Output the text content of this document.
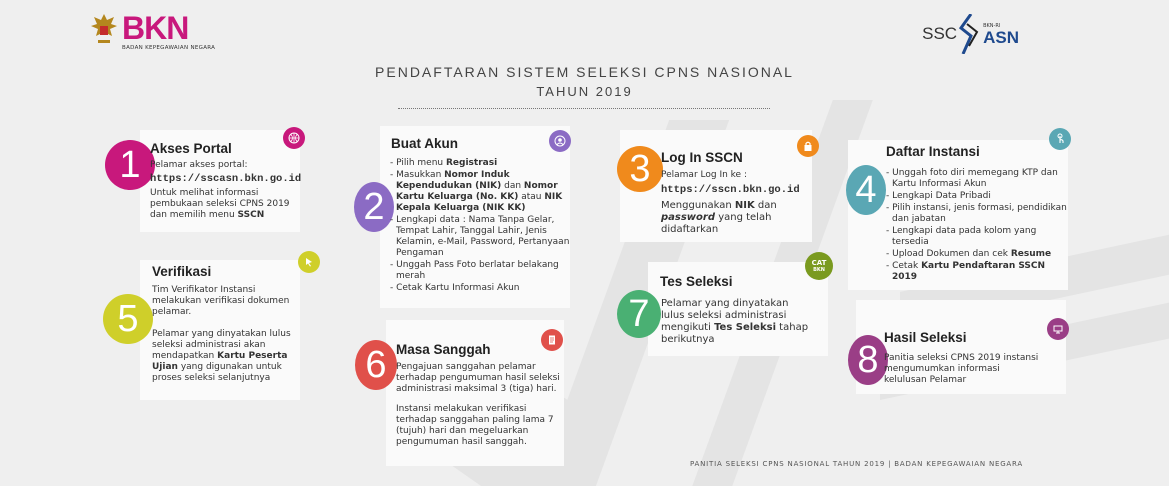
BKN
BADAN KEPEGAWAIAN NEGARA
SSC	BKN-RI
ASN
PENDAFTARAN SISTEM SELEKSI CPNS NASIONAL
TAHUN 2019
1 Akses Portal
Pelamar akses portal:
https://sscasn.bkn.go.id
Untuk melihat informasi pembukaan seleksi CPNS 2019 dan memilih menu SSCN	2
Buat Akun
- Pilih menu Registrasi
- Masukkan Nomor Induk Kependudukan (NIK) dan Nomor Kartu Keluarga (No. KK) atau NIK Kepala Keluarga (NIK KK)
- Lengkapi data : Nama Tanpa Gelar, Tempat Lahir, Tanggal Lahir, Jenis Kelamin, e-Mail, Password, Pertanyaan Pengaman
- Unggah Pass Foto berlatar belakang merah
- Cetak Kartu Informasi Akun
3 Log In SSCN
Pelamar Log In ke :
https://sscn.bkn.go.id
Menggunakan NIK dan password yang telah didaftarkan
4
Daftar Instansi
- Unggah foto diri memegang KTP dan Kartu Informasi Akun
- Lengkapi Data Pribadi
- Pilih instansi, jenis formasi, pendidikan dan jabatan
- Lengkapi data pada kolom yang tersedia
- Upload Dokumen dan cek Resume
- Cetak Kartu Pendaftaran SSCN 2019
5
Verifikasi
Tim Verifikator Instansi melakukan verifikasi dokumen pelamar.
Pelamar yang dinyatakan lulus seleksi administrasi akan mendapatkan Kartu Peserta Ujian yang digunakan untuk proses seleksi selanjutnya	6 Masa Sanggah
Pengajuan sanggahan pelamar terhadap pengumuman hasil seleksi administrasi maksimal 3 (tiga) hari.
Instansi melakukan verifikasi terhadap sanggahan paling lama 7 (tujuh) hari dan megeluarkan pengumuman hasil sanggah.
7
Tes Seleksi
CAT
BKN
Pelamar yang dinyatakan lulus seleksi administrasi mengikuti Tes Seleksi tahap berikutnya	8
Hasil Seleksi
Panitia seleksi CPNS 2019 instansi mengumumkan informasi kelulusan Pelamar
PANITIA SELEKSI CPNS NASIONAL TAHUN 2019 | BADAN KEPEGAWAIAN NEGARA
